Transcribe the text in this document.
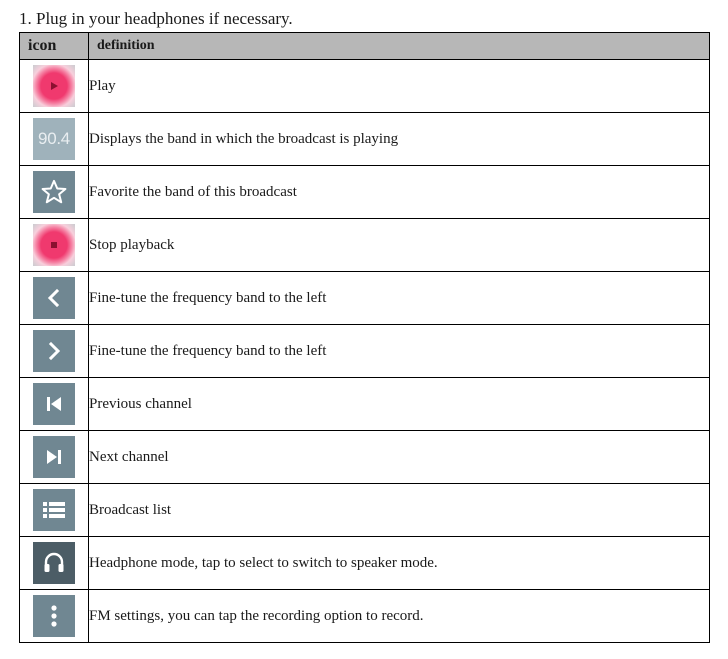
1. Plug in your headphones if necessary.
icon	definition

	Play

90.4	Displays the band in which the broadcast is playing

	Favorite the band of this broadcast

	Stop playback

	Fine-tune the frequency band to the left

	Fine-tune the frequency band to the left

	Previous channel

	Next channel

	Broadcast list

	Headphone mode, tap to select to switch to speaker mode.

	FM settings, you can tap the recording option to record.
